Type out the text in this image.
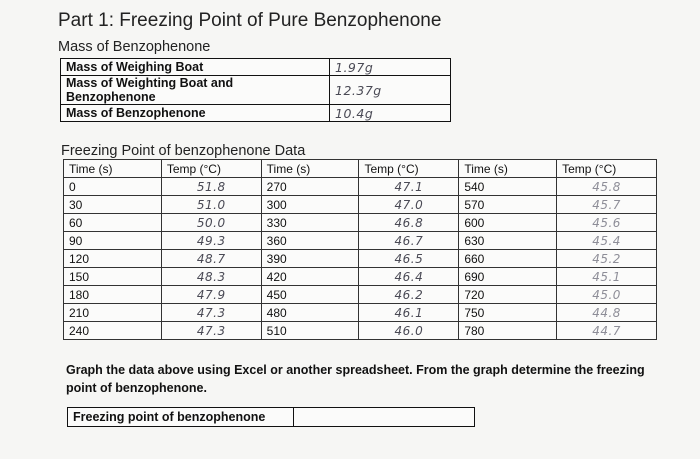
Part 1: Freezing Point of Pure Benzophenone
Mass of Benzophenone
Mass of Weighing Boat	1.97g
Mass of Weighting Boat and Benzophenone	12.37g
Mass of Benzophenone	10.4g
Freezing Point of benzophenone Data
Time (s)	Temp (°C)	Time (s)	Temp (°C)	Time (s)	Temp (°C)
0	51.8	270	47.1	540	45.8
30	51.0	300	47.0	570	45.7
60	50.0	330	46.8	600	45.6
90	49.3	360	46.7	630	45.4
120	48.7	390	46.5	660	45.2
150	48.3	420	46.4	690	45.1
180	47.9	450	46.2	720	45.0
210	47.3	480	46.1	750	44.8
240	47.3	510	46.0	780	44.7
Graph the data above using Excel or another spreadsheet. From the graph determine the freezing point of benzophenone.
Freezing point of benzophenone
